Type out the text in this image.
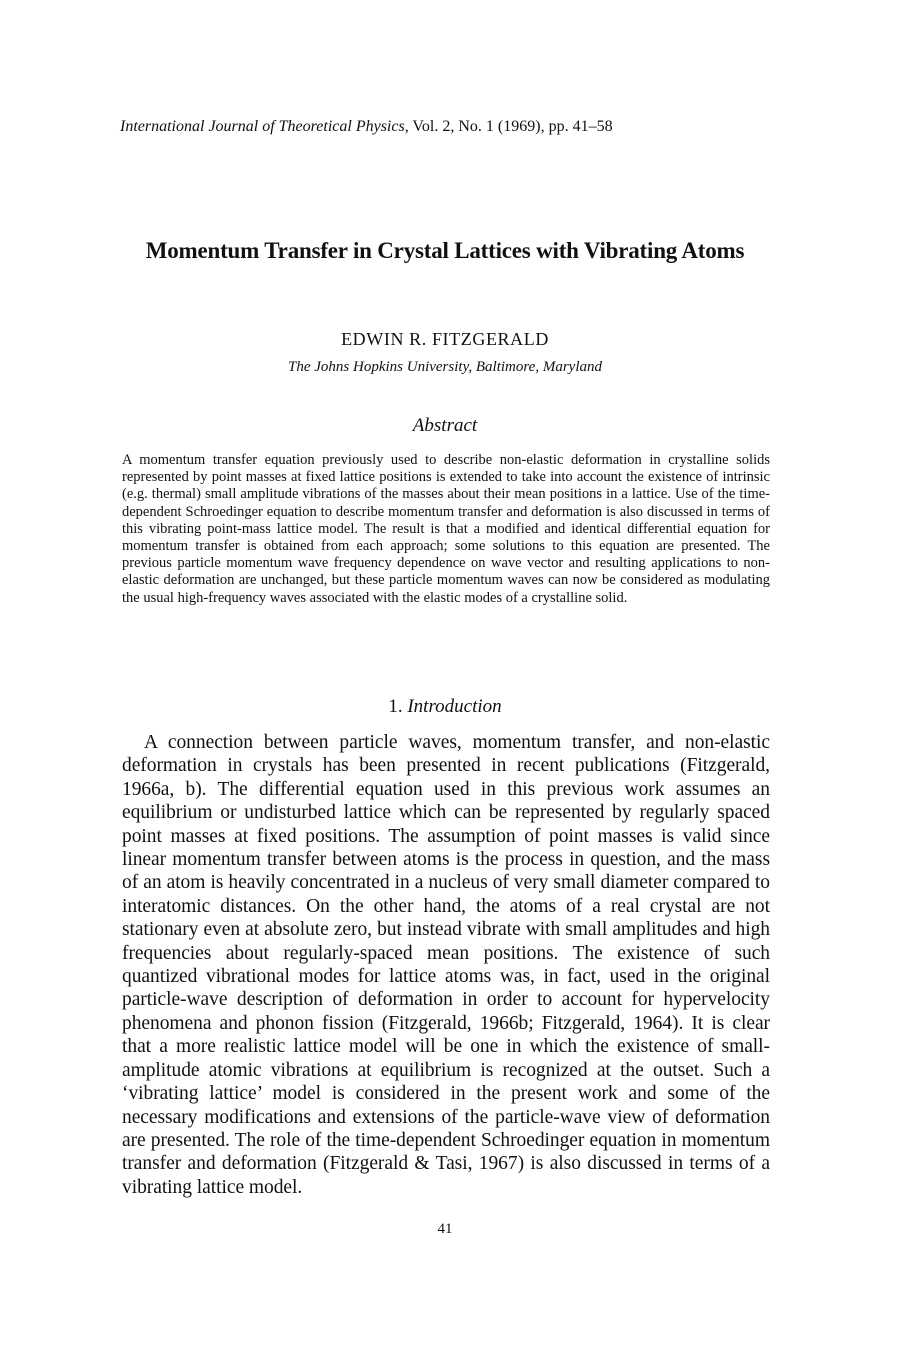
International Journal of Theoretical Physics, Vol. 2, No. 1 (1969), pp. 41–58
Momentum Transfer in Crystal Lattices with Vibrating Atoms
EDWIN R. FITZGERALD
The Johns Hopkins University, Baltimore, Maryland
Abstract

A momentum transfer equation previously used to describe non-elastic deformation in crystalline solids represented by point masses at fixed lattice positions is extended to take into account the existence of intrinsic (e.g. thermal) small amplitude vibrations of the masses about their mean positions in a lattice. Use of the time-dependent Schroedinger equation to describe momentum transfer and deformation is also discussed in terms of this vibrating point-mass lattice model. The result is that a modified and identical differential equation for momentum transfer is obtained from each approach; some solutions to this equation are presented. The previous particle momentum wave frequency dependence on wave vector and resulting applications to non-elastic deformation are unchanged, but these particle momentum waves can now be considered as modulating the usual high-frequency waves associated with the elastic modes of a crystalline solid.

1. Introduction

A connection between particle waves, momentum transfer, and non-elastic deformation in crystals has been presented in recent publications (Fitzgerald, 1966a, b). The differential equation used in this previous work assumes an equilibrium or undisturbed lattice which can be represented by regularly spaced point masses at fixed positions. The assumption of point masses is valid since linear momentum transfer between atoms is the process in question, and the mass of an atom is heavily concentrated in a nucleus of very small diameter compared to interatomic distances. On the other hand, the atoms of a real crystal are not stationary even at absolute zero, but instead vibrate with small amplitudes and high frequencies about regularly-spaced mean positions. The existence of such quantized vibrational modes for lattice atoms was, in fact, used in the original particle-wave description of deformation in order to account for hypervelocity phenomena and phonon fission (Fitzgerald, 1966b; Fitzgerald, 1964). It is clear that a more realistic lattice model will be one in which the existence of small-amplitude atomic vibrations at equilibrium is recognized at the outset. Such a ‘vibrating lattice’ model is considered in the present work and some of the necessary modifications and extensions of the particle-wave view of deformation are presented. The role of the time-dependent Schroedinger equation in momentum transfer and deformation (Fitzgerald & Tasi, 1967) is also discussed in terms of a vibrating lattice model.

41
